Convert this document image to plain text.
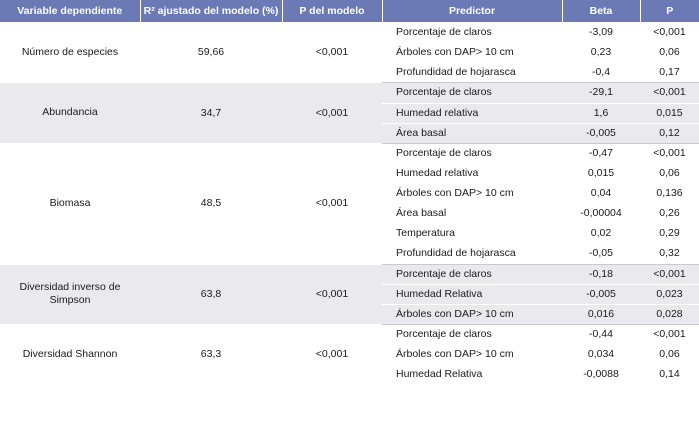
Variable dependiente	R² ajustado del modelo (%)	P del modelo	Predictor	Beta	P
Número de especies	59,66	<0,001	Porcentaje de claros	-3,09	<0,001
			Árboles con DAP> 10 cm	0,23	0,06
			Profundidad de hojarasca	-0,4	0,17
Abundancia	34,7	<0,001	Porcentaje de claros	-29,1	<0,001
			Humedad relativa	1,6	0,015
			Área basal	-0,005	0,12
Biomasa	48,5	<0,001	Porcentaje de claros	-0,47	<0,001
			Humedad relativa	0,015	0,06
			Árboles con DAP> 10 cm	0,04	0,136
			Área basal	-0,00004	0,26
			Temperatura	0,02	0,29
			Profundidad de hojarasca	-0,05	0,32
Diversidad inverso de Simpson	63,8	<0,001	Porcentaje de claros	-0,18	<0,001
			Humedad Relativa	-0,005	0,023
			Árboles con DAP> 10 cm	0,016	0,028
Diversidad Shannon	63,3	<0,001	Porcentaje de claros	-0,44	<0,001
			Árboles con DAP> 10 cm	0,034	0,06
			Humedad Relativa	-0,0088	0,14
